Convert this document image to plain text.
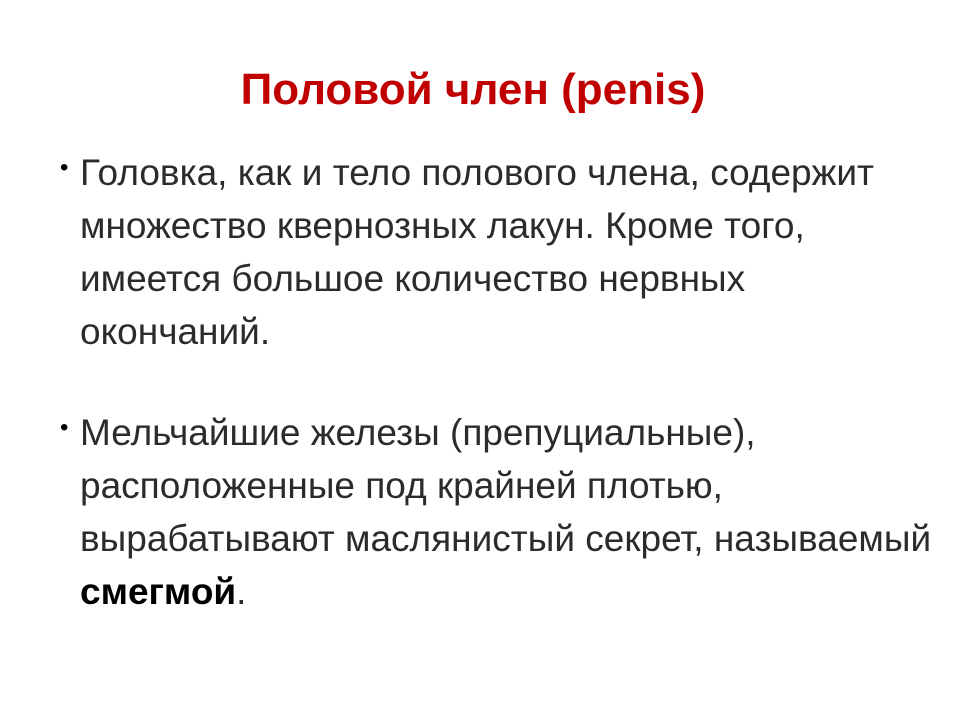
Половой член (penis)
• Головка, как и тело полового члена, содержит множество квернозных лакун. Кроме того, имеется большое количество нервных окончаний.
• Мельчайшие железы (препуциальные), расположенные под крайней плотью, вырабатывают маслянистый секрет, называемый смегмой.
